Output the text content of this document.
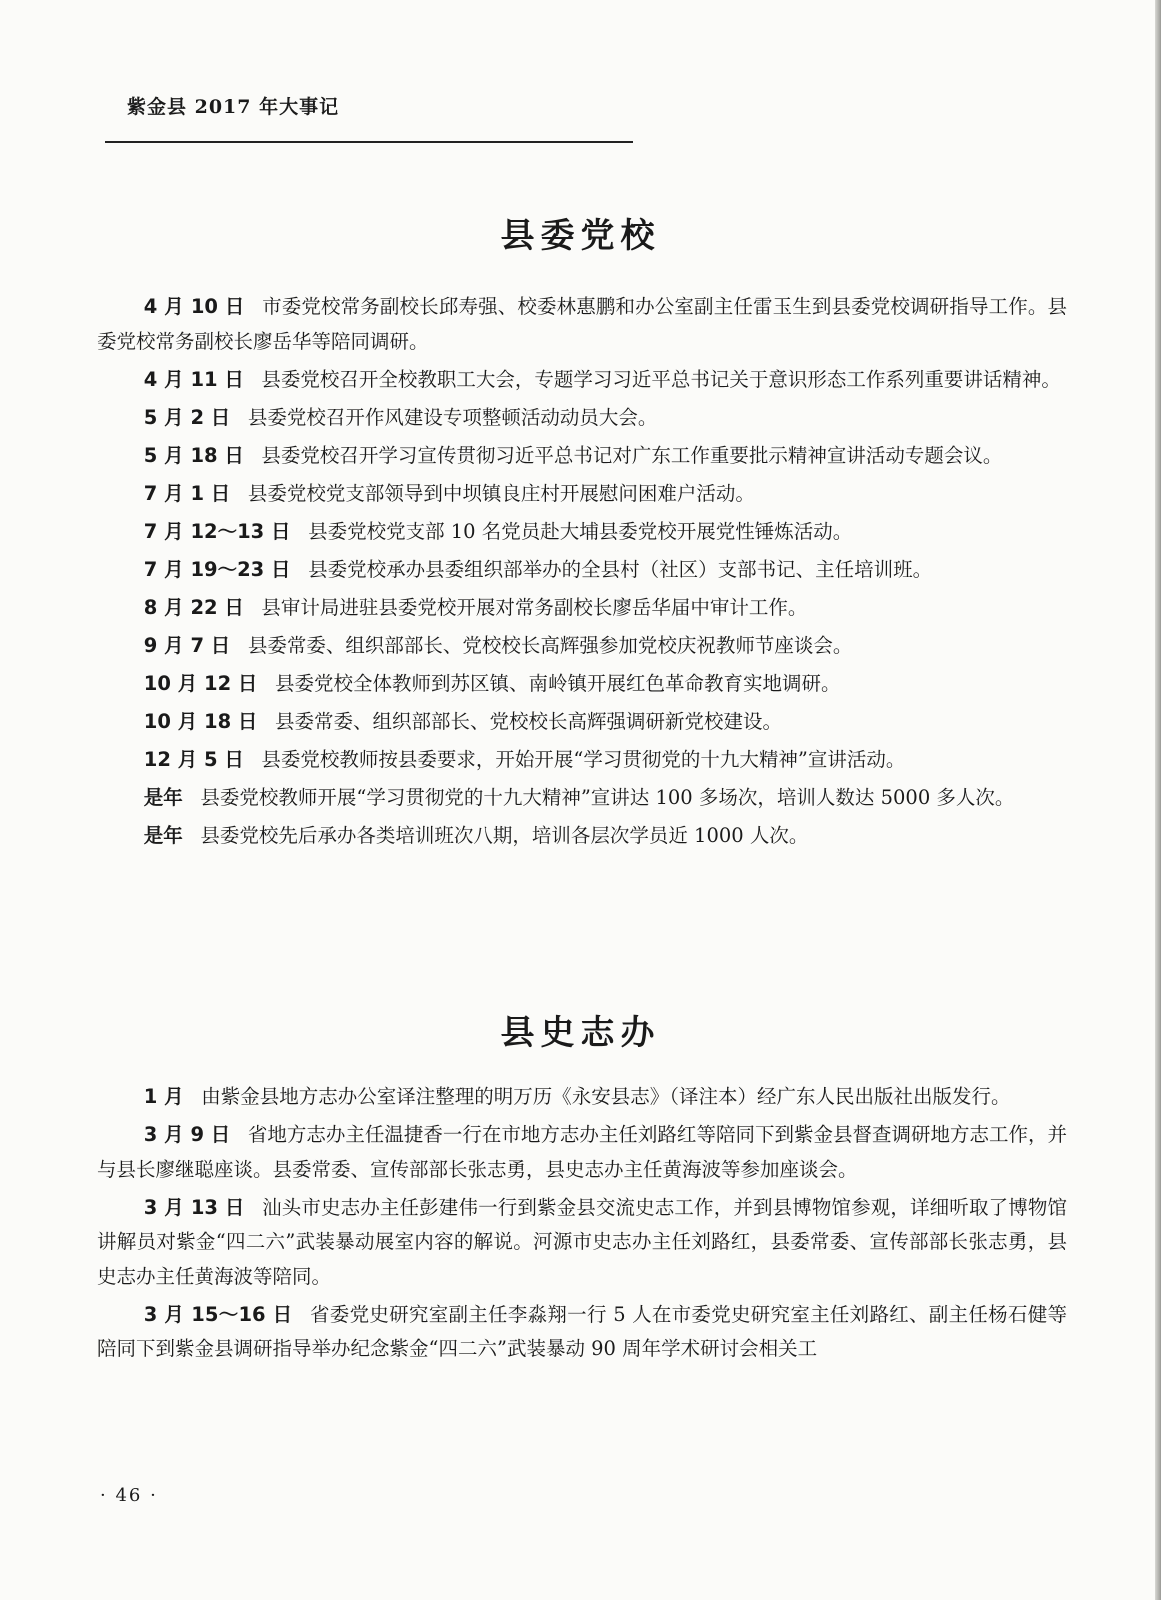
紫金县 2017 年大事记
县委党校

4 月 10 日 市委党校常务副校长邱寿强、校委林惠鹏和办公室副主任雷玉生到县委党校调研指导工作。县委党校常务副校长廖岳华等陪同调研。

4 月 11 日 县委党校召开全校教职工大会，专题学习习近平总书记关于意识形态工作系列重要讲话精神。

5 月 2 日 县委党校召开作风建设专项整顿活动动员大会。

5 月 18 日 县委党校召开学习宣传贯彻习近平总书记对广东工作重要批示精神宣讲活动专题会议。

7 月 1 日 县委党校党支部领导到中坝镇良庄村开展慰问困难户活动。

7 月 12～13 日 县委党校党支部 10 名党员赴大埔县委党校开展党性锤炼活动。

7 月 19～23 日 县委党校承办县委组织部举办的全县村（社区）支部书记、主任培训班。

8 月 22 日 县审计局进驻县委党校开展对常务副校长廖岳华届中审计工作。

9 月 7 日 县委常委、组织部部长、党校校长高辉强参加党校庆祝教师节座谈会。

10 月 12 日 县委党校全体教师到苏区镇、南岭镇开展红色革命教育实地调研。

10 月 18 日 县委常委、组织部部长、党校校长高辉强调研新党校建设。

12 月 5 日 县委党校教师按县委要求，开始开展“学习贯彻党的十九大精神”宣讲活动。

是年 县委党校教师开展“学习贯彻党的十九大精神”宣讲达 100 多场次，培训人数达 5000 多人次。

是年 县委党校先后承办各类培训班次八期，培训各层次学员近 1000 人次。

县史志办

1 月 由紫金县地方志办公室译注整理的明万历《永安县志》（译注本）经广东人民出版社出版发行。

3 月 9 日 省地方志办主任温捷香一行在市地方志办主任刘路红等陪同下到紫金县督查调研地方志工作，并与县长廖继聪座谈。县委常委、宣传部部长张志勇，县史志办主任黄海波等参加座谈会。

3 月 13 日 汕头市史志办主任彭建伟一行到紫金县交流史志工作，并到县博物馆参观，详细听取了博物馆讲解员对紫金“四二六”武装暴动展室内容的解说。河源市史志办主任刘路红，县委常委、宣传部部长张志勇，县史志办主任黄海波等陪同。

3 月 15～16 日 省委党史研究室副主任李淼翔一行 5 人在市委党史研究室主任刘路红、副主任杨石健等陪同下到紫金县调研指导举办纪念紫金“四二六”武装暴动 90 周年学术研讨会相关工

· 46 ·
